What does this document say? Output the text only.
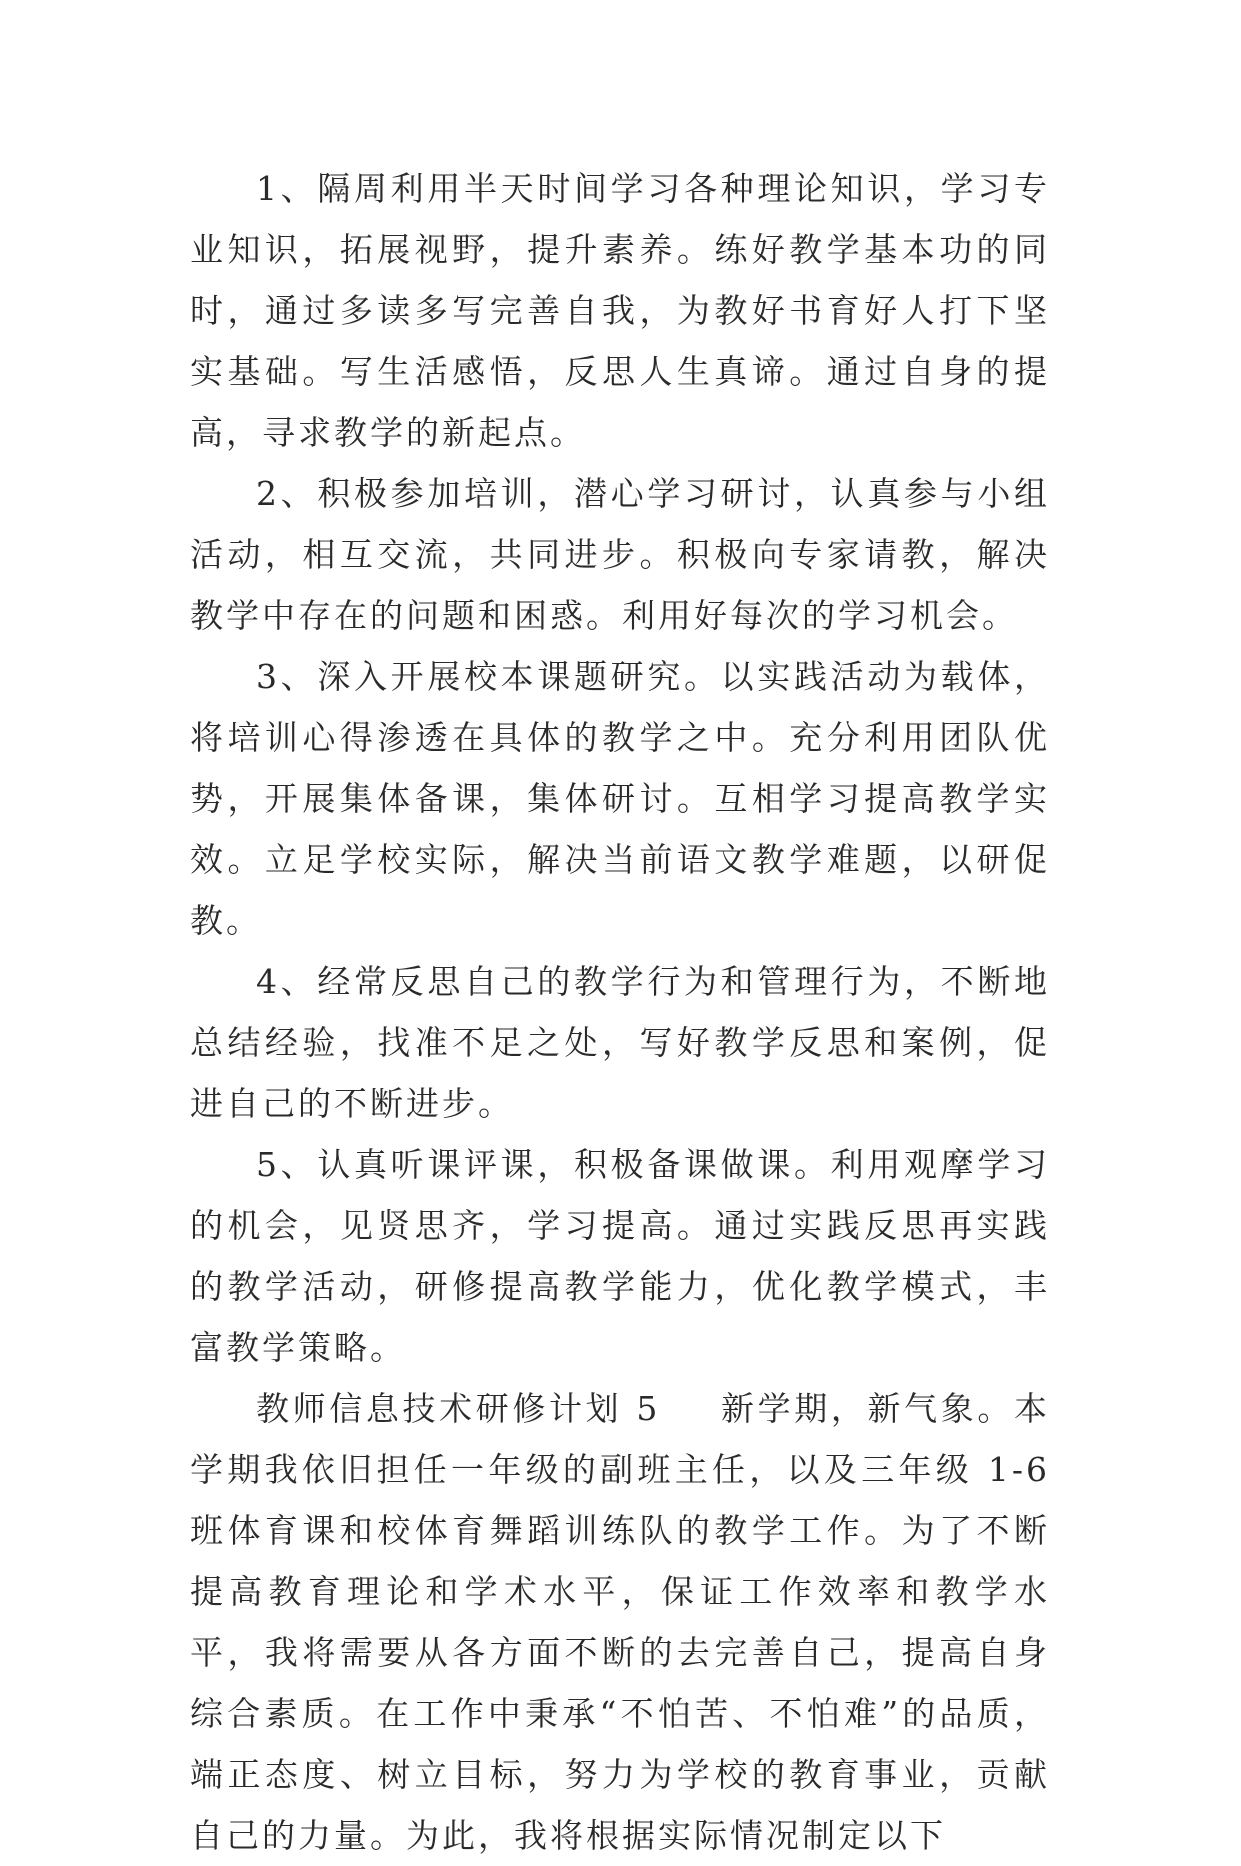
1、隔周利用半天时间学习各种理论知识，学习专业知识，拓展视野，提升素养。练好教学基本功的同时，通过多读多写完善自我，为教好书育好人打下坚实基础。写生活感悟，反思人生真谛。通过自身的提高，寻求教学的新起点。

2、积极参加培训，潜心学习研讨，认真参与小组活动，相互交流，共同进步。积极向专家请教，解决教学中存在的问题和困惑。利用好每次的学习机会。

3、深入开展校本课题研究。以实践活动为载体，将培训心得渗透在具体的教学之中。充分利用团队优势，开展集体备课，集体研讨。互相学习提高教学实效。立足学校实际，解决当前语文教学难题，以研促教。

4、经常反思自己的教学行为和管理行为，不断地总结经验，找准不足之处，写好教学反思和案例，促进自己的不断进步。

5、认真听课评课，积极备课做课。利用观摩学习的机会，见贤思齐，学习提高。通过实践反思再实践的教学活动，研修提高教学能力，优化教学模式，丰富教学策略。

教师信息技术研修计划 5 新学期，新气象。本学期我依旧担任一年级的副班主任，以及三年级 1-6 班体育课和校体育舞蹈训练队的教学工作。为了不断提高教育理论和学术水平，保证工作效率和教学水平，我将需要从各方面不断的去完善自己，提高自身综合素质。在工作中秉承“不怕苦、不怕难”的品质，端正态度、树立目标，努力为学校的教育事业，贡献自己的力量。为此，我将根据实际情况制定以下
